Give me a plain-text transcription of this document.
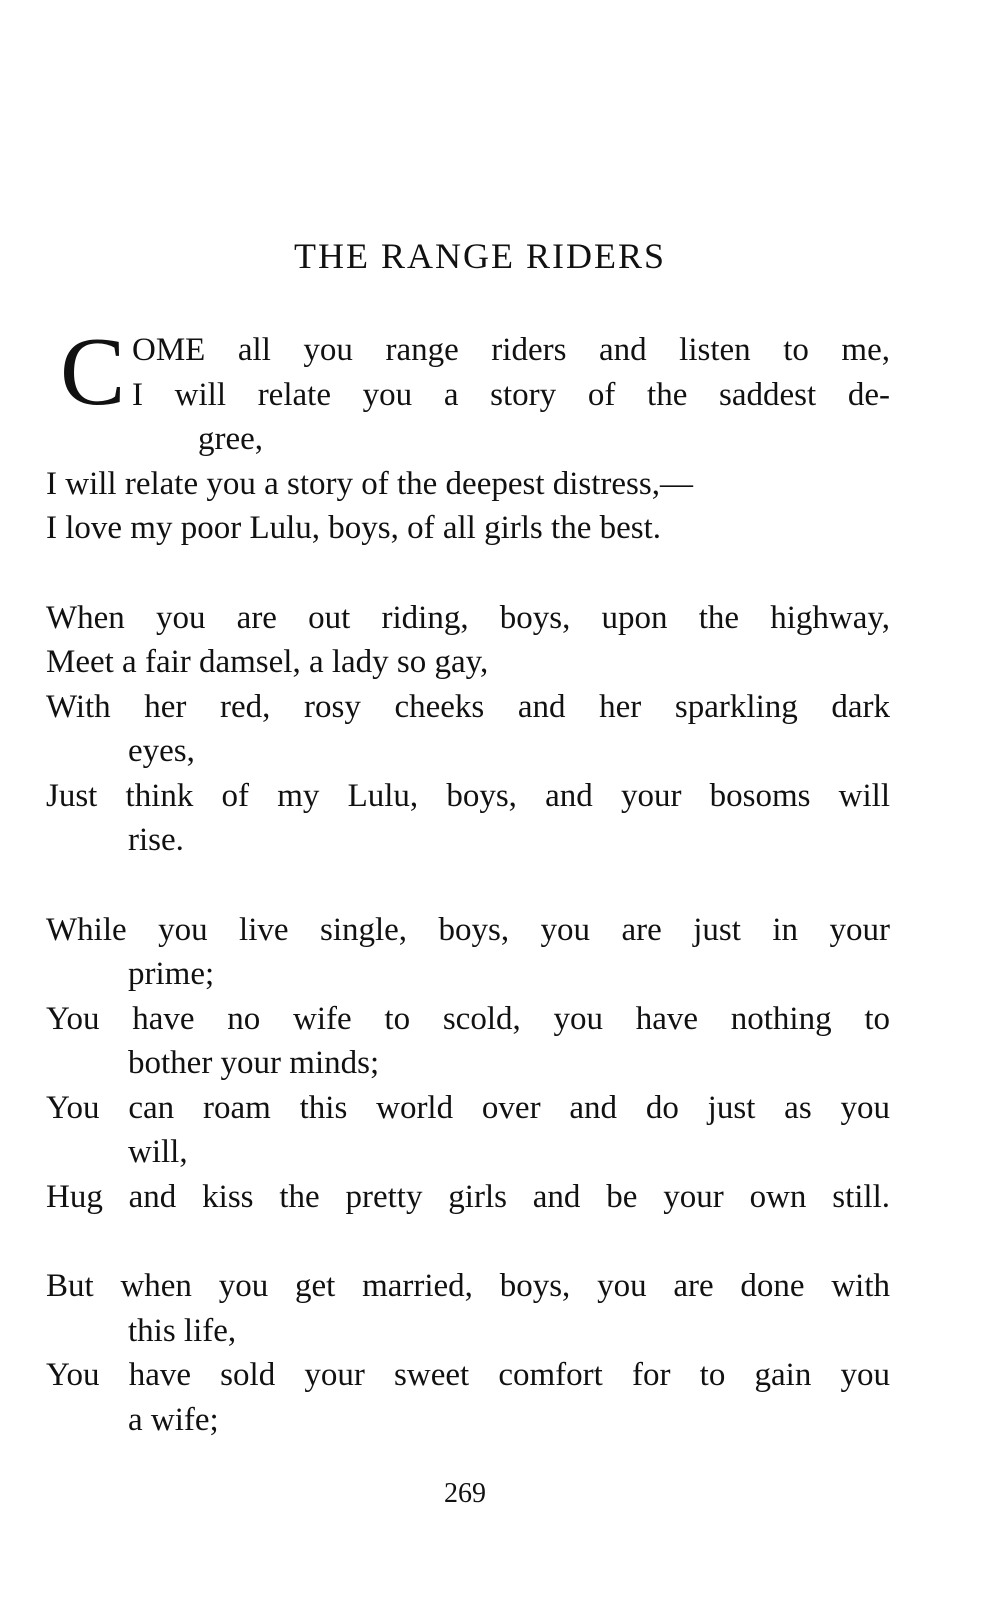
THE RANGE RIDERS
C OME all you range riders and listen to me,
I will relate you a story of the saddest de-
gree,
I will relate you a story of the deepest distress,—
I love my poor Lulu, boys, of all girls the best.
When you are out riding, boys, upon the highway,
Meet a fair damsel, a lady so gay,
With her red, rosy cheeks and her sparkling dark
eyes,
Just think of my Lulu, boys, and your bosoms will
rise.
While you live single, boys, you are just in your
prime;
You have no wife to scold, you have nothing to
bother your minds;
You can roam this world over and do just as you
will,
Hug and kiss the pretty girls and be your own still.
But when you get married, boys, you are done with
this life,
You have sold your sweet comfort for to gain you
a wife;
269
